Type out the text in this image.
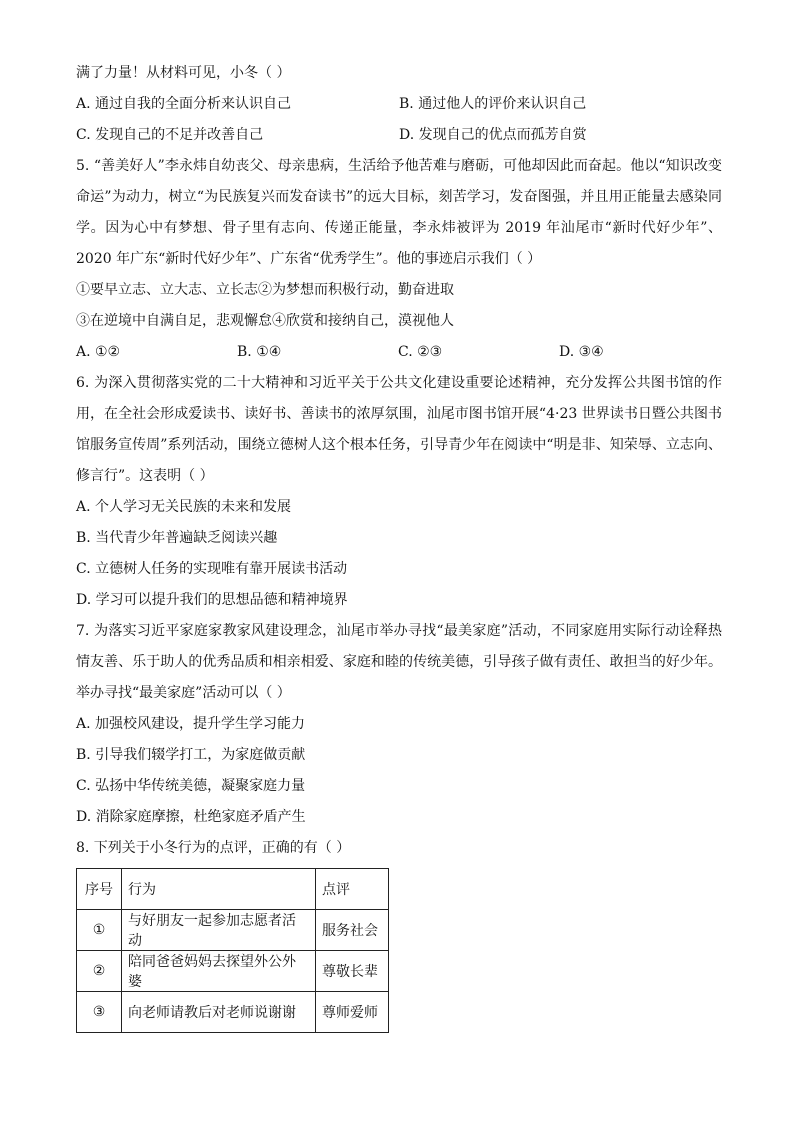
满了力量！从材料可见，小冬（ ）
A. 通过自我的全面分析来认识自己	B. 通过他人的评价来认识自己
C. 发现自己的不足并改善自己	D. 发现自己的优点而孤芳自赏
5. “善美好人”李永炜自幼丧父、母亲患病，生活给予他苦难与磨砺，可他却因此而奋起。他以“知识改变命运”为动力，树立“为民族复兴而发奋读书”的远大目标，刻苦学习，发奋图强，并且用正能量去感染同学。因为心中有梦想、骨子里有志向、传递正能量，李永炜被评为 2019 年汕尾市“新时代好少年”、2020 年广东“新时代好少年”、广东省“优秀学生”。他的事迹启示我们（ ）
①要早立志、立大志、立长志②为梦想而积极行动，勤奋进取
③在逆境中自满自足，悲观懈怠④欣赏和接纳自己，漠视他人
A. ①②	B. ①④	C. ②③	D. ③④
6. 为深入贯彻落实党的二十大精神和习近平关于公共文化建设重要论述精神，充分发挥公共图书馆的作用，在全社会形成爱读书、读好书、善读书的浓厚氛围，汕尾市图书馆开展“4·23 世界读书日暨公共图书馆服务宣传周”系列活动，围绕立德树人这个根本任务，引导青少年在阅读中“明是非、知荣辱、立志向、修言行”。这表明（ ）
A. 个人学习无关民族的未来和发展
B. 当代青少年普遍缺乏阅读兴趣
C. 立德树人任务的实现唯有靠开展读书活动
D. 学习可以提升我们的思想品德和精神境界
7. 为落实习近平家庭家教家风建设理念，汕尾市举办寻找“最美家庭”活动，不同家庭用实际行动诠释热情友善、乐于助人的优秀品质和相亲相爱、家庭和睦的传统美德，引导孩子做有责任、敢担当的好少年。举办寻找“最美家庭”活动可以（ ）
A. 加强校风建设，提升学生学习能力
B. 引导我们辍学打工，为家庭做贡献
C. 弘扬中华传统美德，凝聚家庭力量
D. 消除家庭摩擦，杜绝家庭矛盾产生
8. 下列关于小冬行为的点评，正确的有（ ）
序号	行为	点评
①	与好朋友一起参加志愿者活动	服务社会
②	陪同爸爸妈妈去探望外公外婆	尊敬长辈
③	向老师请教后对老师说谢谢	尊师爱师
